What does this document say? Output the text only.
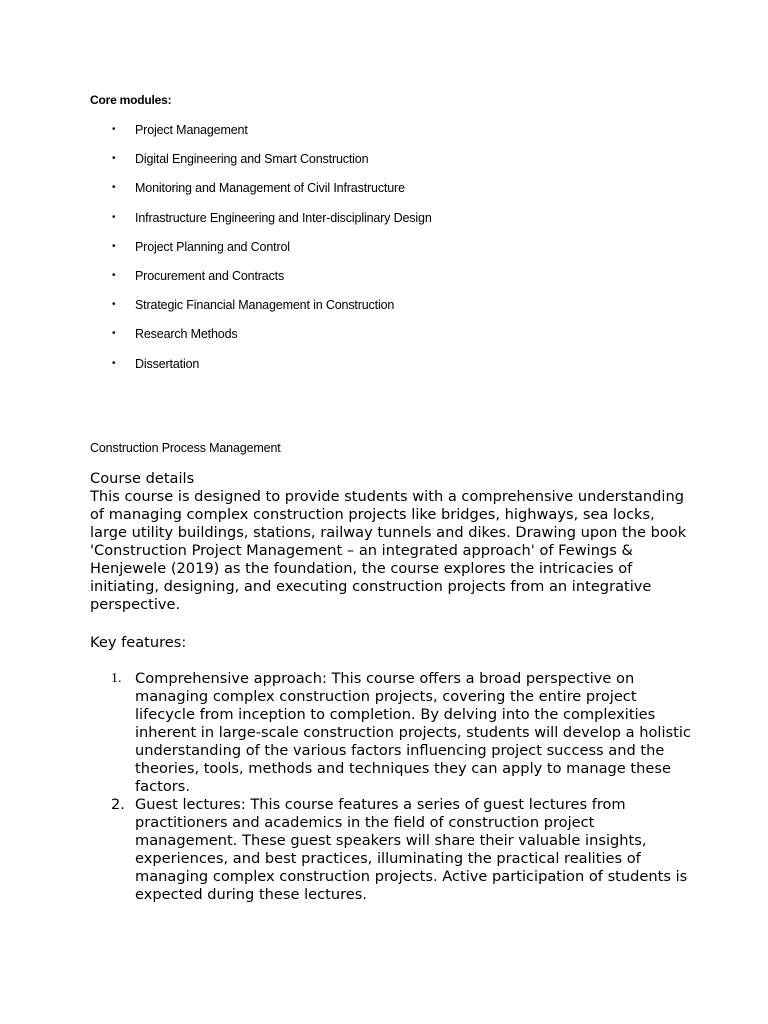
Core modules:
• Project Management
• Digital Engineering and Smart Construction
• Monitoring and Management of Civil Infrastructure
• Infrastructure Engineering and Inter-disciplinary Design
• Project Planning and Control
• Procurement and Contracts
• Strategic Financial Management in Construction
• Research Methods
• Dissertation
Construction Process Management

Course details

This course is designed to provide students with a comprehensive understanding of managing complex construction projects like bridges, highways, sea locks, large utility buildings, stations, railway tunnels and dikes. Drawing upon the book 'Construction Project Management – an integrated approach' of Fewings & Henjewele (2019) as the foundation, the course explores the intricacies of initiating, designing, and executing construction projects from an integrative perspective.

Key features:
1. Comprehensive approach: This course offers a broad perspective on managing complex construction projects, covering the entire project lifecycle from inception to completion. By delving into the complexities inherent in large-scale construction projects, students will develop a holistic understanding of the various factors influencing project success and the theories, tools, methods and techniques they can apply to manage these factors.
2. Guest lectures: This course features a series of guest lectures from practitioners and academics in the field of construction project management. These guest speakers will share their valuable insights, experiences, and best practices, illuminating the practical realities of managing complex construction projects. Active participation of students is expected during these lectures.
